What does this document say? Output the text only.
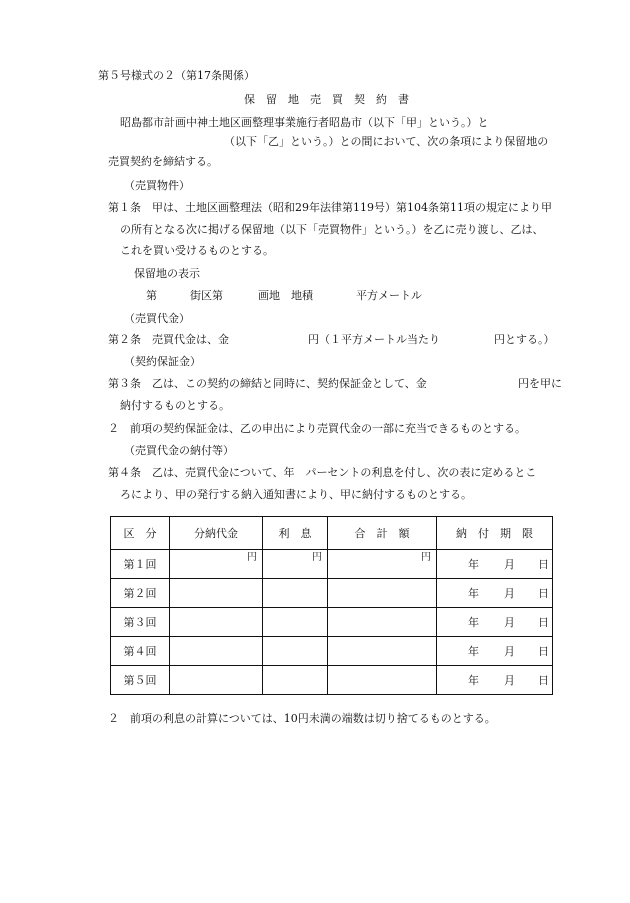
第５号様式の２（第17条関係）
保　留　地　売　買　契　約　書
昭島都市計画中神土地区画整理事業施行者昭島市（以下「甲」という。）と
（以下「乙」という。）との間において、次の条項により保留地の
売買契約を締結する。
（売買物件）
第１条　甲は、土地区画整理法（昭和29年法律第119号）第104条第11項の規定により甲
の所有となる次に掲げる保留地（以下「売買物件」という。）を乙に売り渡し、乙は、
これを買い受けるものとする。
保留地の表示
第	街区第	画地　地積	平方メートル
（売買代金）
第２条　売買代金は、金	円（１平方メートル当たり	円とする。）
（契約保証金）
第３条　乙は、この契約の締結と同時に、契約保証金として、金	円を甲に
納付するものとする。
２　前項の契約保証金は、乙の申出により売買代金の一部に充当できるものとする。
（売買代金の納付等）
第４条　乙は、売買代金について、年　パーセントの利息を付し、次の表に定めるとこ
ろにより、甲の発行する納入通知書により、甲に納付するものとする。
区　分	分納代金	利　息	合　計　額	納　付　期　限
第１回	円	円	円	年 月 日

第２回				年 月 日

第３回				年 月 日

第４回				年 月 日

第５回				年 月 日
２　前項の利息の計算については、10円未満の端数は切り捨てるものとする。
